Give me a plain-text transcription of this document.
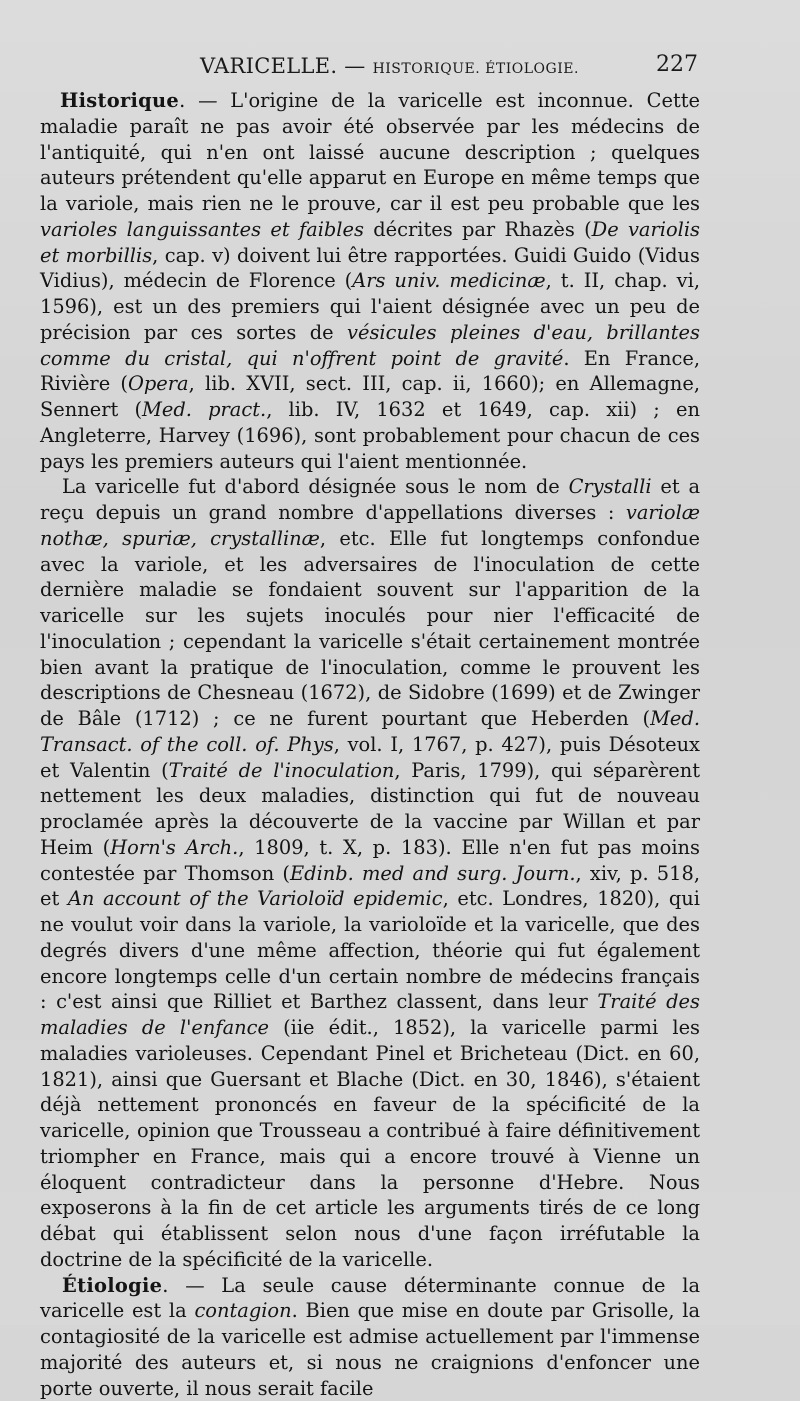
VARICELLE. — HISTORIQUE. ÉTIOLOGIE.	227

Historique. — L'origine de la varicelle est inconnue. Cette maladie paraît ne pas avoir été observée par les médecins de l'antiquité, qui n'en ont laissé aucune description ; quelques auteurs prétendent qu'elle apparut en Europe en même temps que la variole, mais rien ne le prouve, car il est peu probable que les varioles languissantes et faibles décrites par Rhazès (De variolis et morbillis, cap. v) doivent lui être rapportées. Guidi Guido (Vidus Vidius), médecin de Florence (Ars univ. medicinæ, t. II, chap. vi, 1596), est un des premiers qui l'aient désignée avec un peu de précision par ces sortes de vésicules pleines d'eau, brillantes comme du cristal, qui n'offrent point de gravité. En France, Rivière (Opera, lib. XVII, sect. III, cap. ii, 1660); en Allemagne, Sennert (Med. pract., lib. IV, 1632 et 1649, cap. xii) ; en Angleterre, Harvey (1696), sont probablement pour chacun de ces pays les premiers auteurs qui l'aient mentionnée.

La varicelle fut d'abord désignée sous le nom de Crystalli et a reçu depuis un grand nombre d'appellations diverses : variolæ nothæ, spuriæ, crystallinæ, etc. Elle fut longtemps confondue avec la variole, et les adversaires de l'inoculation de cette dernière maladie se fondaient souvent sur l'apparition de la varicelle sur les sujets inoculés pour nier l'efficacité de l'inoculation ; cependant la varicelle s'était certainement montrée bien avant la pratique de l'inoculation, comme le prouvent les descriptions de Chesneau (1672), de Sidobre (1699) et de Zwinger de Bâle (1712) ; ce ne furent pourtant que Heberden (Med. Transact. of the coll. of. Phys, vol. I, 1767, p. 427), puis Désoteux et Valentin (Traité de l'inoculation, Paris, 1799), qui séparèrent nettement les deux maladies, distinction qui fut de nouveau proclamée après la découverte de la vaccine par Willan et par Heim (Horn's Arch., 1809, t. X, p. 183). Elle n'en fut pas moins contestée par Thomson (Edinb. med and surg. Journ., xiv, p. 518, et An account of the Varioloïd epidemic, etc. Londres, 1820), qui ne voulut voir dans la variole, la varioloïde et la varicelle, que des degrés divers d'une même affection, théorie qui fut également encore longtemps celle d'un certain nombre de médecins français : c'est ainsi que Rilliet et Barthez classent, dans leur Traité des maladies de l'enfance (iie édit., 1852), la varicelle parmi les maladies varioleuses. Cependant Pinel et Bricheteau (Dict. en 60, 1821), ainsi que Guersant et Blache (Dict. en 30, 1846), s'étaient déjà nettement prononcés en faveur de la spécificité de la varicelle, opinion que Trousseau a contribué à faire définitivement triompher en France, mais qui a encore trouvé à Vienne un éloquent contradicteur dans la personne d'Hebre. Nous exposerons à la fin de cet article les arguments tirés de ce long débat qui établissent selon nous d'une façon irréfutable la doctrine de la spécificité de la varicelle.

Étiologie. — La seule cause déterminante connue de la varicelle est la contagion. Bien que mise en doute par Grisolle, la contagiosité de la varicelle est admise actuellement par l'immense majorité des auteurs et, si nous ne craignions d'enfoncer une porte ouverte, il nous serait facile
